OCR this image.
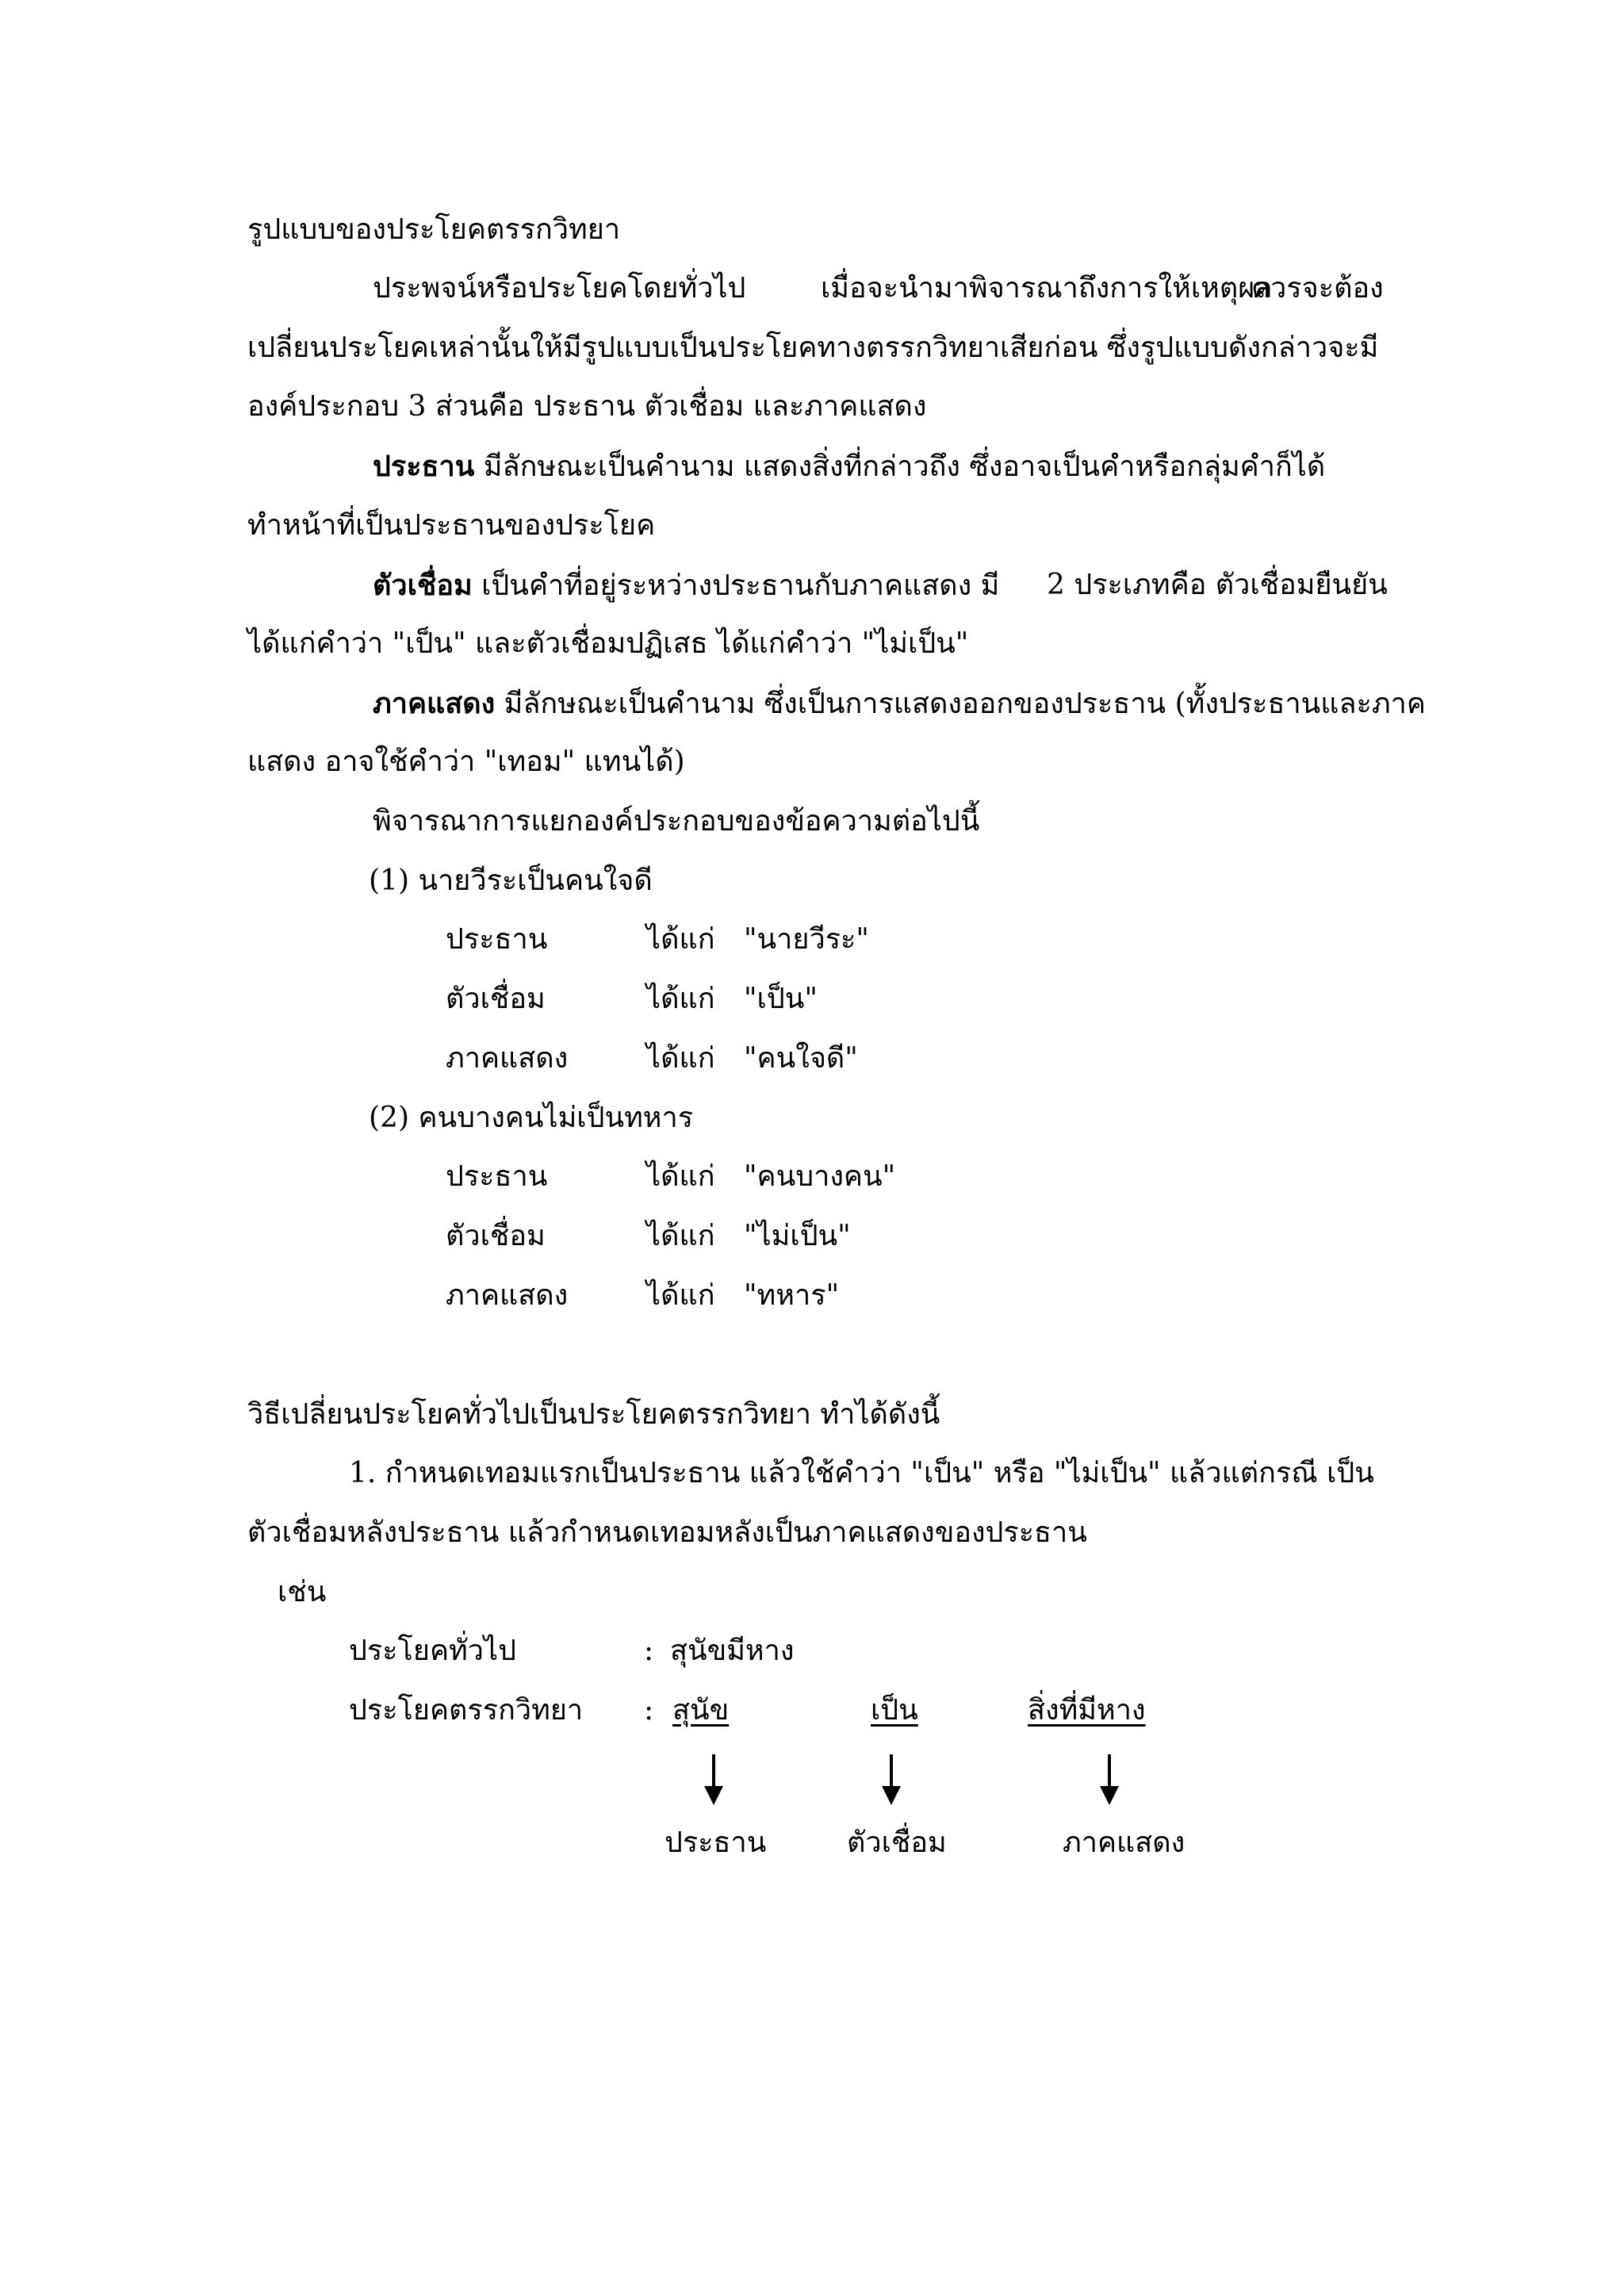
รูปแบบของประโยคตรรกวิทยา
ประพจน์หรือประโยคโดยทั่วไป	เมื่อจะนำมาพิจารณาถึงการให้เหตุผล
ควรจะต้อง
เปลี่ยนประโยคเหล่านั้นให้มีรูปแบบเป็นประโยคทางตรรกวิทยาเสียก่อน ซึ่งรูปแบบดังกล่าวจะมี
องค์ประกอบ 3 ส่วนคือ ประธาน ตัวเชื่อม และภาคแสดง
ประธาน มีลักษณะเป็นคำนาม แสดงสิ่งที่กล่าวถึง ซึ่งอาจเป็นคำหรือกลุ่มคำก็ได้
ทำหน้าที่เป็นประธานของประโยค
ตัวเชื่อม เป็นคำที่อยู่ระหว่างประธานกับภาคแสดง มี 2 ประเภทคือ ตัวเชื่อมยืนยัน
ได้แก่คำว่า "เป็น" และตัวเชื่อมปฏิเสธ ได้แก่คำว่า "ไม่เป็น"
ภาคแสดง มีลักษณะเป็นคำนาม ซึ่งเป็นการแสดงออกของประธาน (ทั้งประธานและภาค
แสดง อาจใช้คำว่า "เทอม" แทนได้)
พิจารณาการแยกองค์ประกอบของข้อความต่อไปนี้
(1) นายวีระเป็นคนใจดี
ประธาน	ได้แก่ "นายวีระ"
ตัวเชื่อม	ได้แก่ "เป็น"
ภาคแสดง	ได้แก่ "คนใจดี"
(2) คนบางคนไม่เป็นทหาร
ประธาน	ได้แก่ "คนบางคน"
ตัวเชื่อม	ได้แก่ "ไม่เป็น"
ภาคแสดง	ได้แก่ "ทหาร"
วิธีเปลี่ยนประโยคทั่วไปเป็นประโยคตรรกวิทยา ทำได้ดังนี้
1. กำหนดเทอมแรกเป็นประธาน แล้วใช้คำว่า "เป็น" หรือ "ไม่เป็น" แล้วแต่กรณี เป็น
ตัวเชื่อมหลังประธาน แล้วกำหนดเทอมหลังเป็นภาคแสดงของประธาน
เช่น
ประโยคทั่วไป	: สุนัขมีหาง
ประโยคตรรกวิทยา : สุนัข	เป็น	สิ่งที่มีหาง
ประธาน	ตัวเชื่อม	ภาคแสดง
